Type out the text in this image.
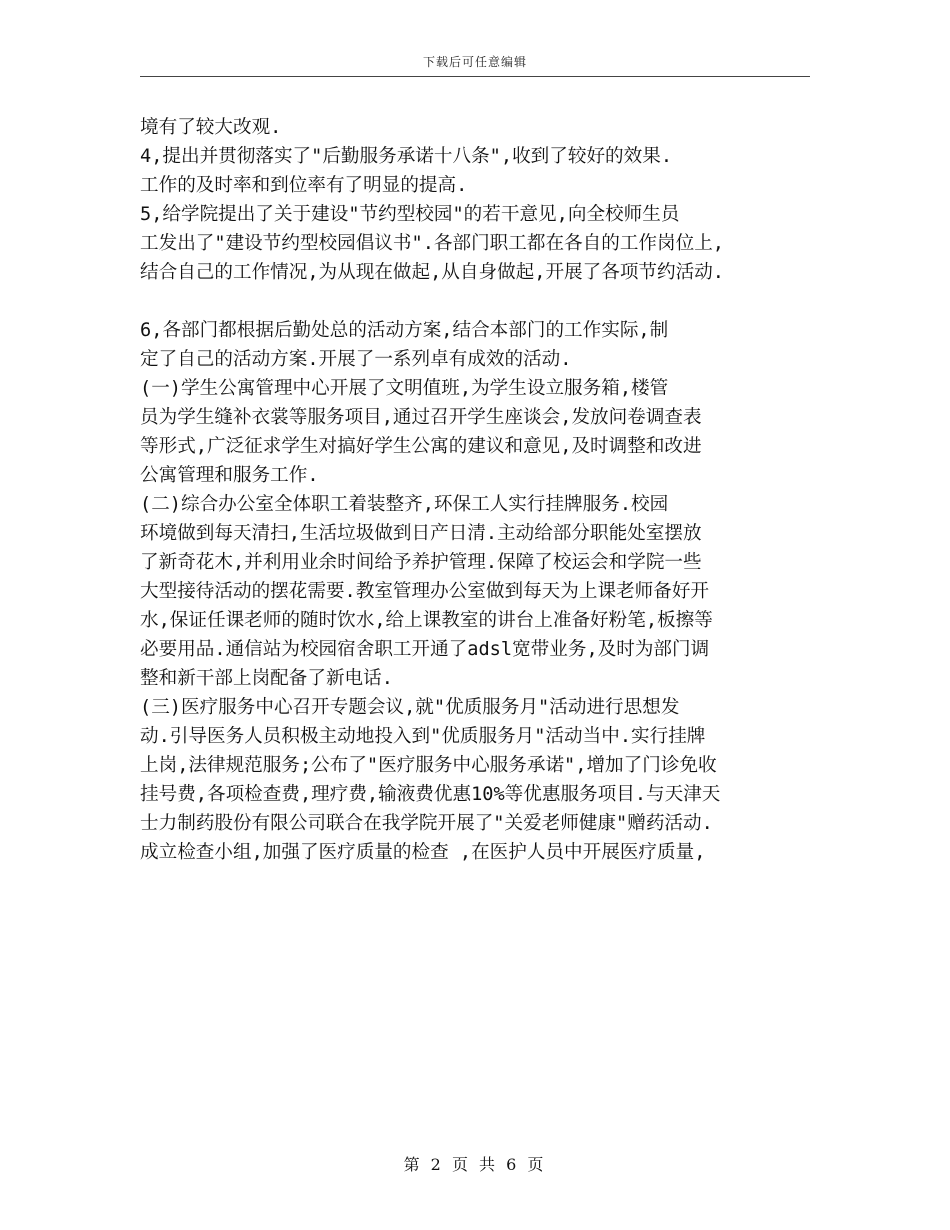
下载后可任意编辑
境有了较大改观.
4,提出并贯彻落实了"后勤服务承诺十八条",收到了较好的效果.
工作的及时率和到位率有了明显的提高.
5,给学院提出了关于建设"节约型校园"的若干意见,向全校师生员
工发出了"建设节约型校园倡议书".各部门职工都在各自的工作岗位上,
结合自己的工作情况,为从现在做起,从自身做起,开展了各项节约活动.
6,各部门都根据后勤处总的活动方案,结合本部门的工作实际,制
定了自己的活动方案.开展了一系列卓有成效的活动.
(一)学生公寓管理中心开展了文明值班,为学生设立服务箱,楼管
员为学生缝补衣裳等服务项目,通过召开学生座谈会,发放问卷调查表
等形式,广泛征求学生对搞好学生公寓的建议和意见,及时调整和改进
公寓管理和服务工作.
(二)综合办公室全体职工着装整齐,环保工人实行挂牌服务.校园
环境做到每天清扫,生活垃圾做到日产日清.主动给部分职能处室摆放
了新奇花木,并利用业余时间给予养护管理.保障了校运会和学院一些
大型接待活动的摆花需要.教室管理办公室做到每天为上课老师备好开
水,保证任课老师的随时饮水,给上课教室的讲台上准备好粉笔,板擦等
必要用品.通信站为校园宿舍职工开通了adsl宽带业务,及时为部门调
整和新干部上岗配备了新电话.
(三)医疗服务中心召开专题会议,就"优质服务月"活动进行思想发
动.引导医务人员积极主动地投入到"优质服务月"活动当中.实行挂牌
上岗,法律规范服务;公布了"医疗服务中心服务承诺",增加了门诊免收
挂号费,各项检查费,理疗费,输液费优惠10%等优惠服务项目.与天津天
士力制药股份有限公司联合在我学院开展了"关爱老师健康"赠药活动.
成立检查小组,加强了医疗质量的检查 ,在医护人员中开展医疗质量,
第 2 页 共 6 页
